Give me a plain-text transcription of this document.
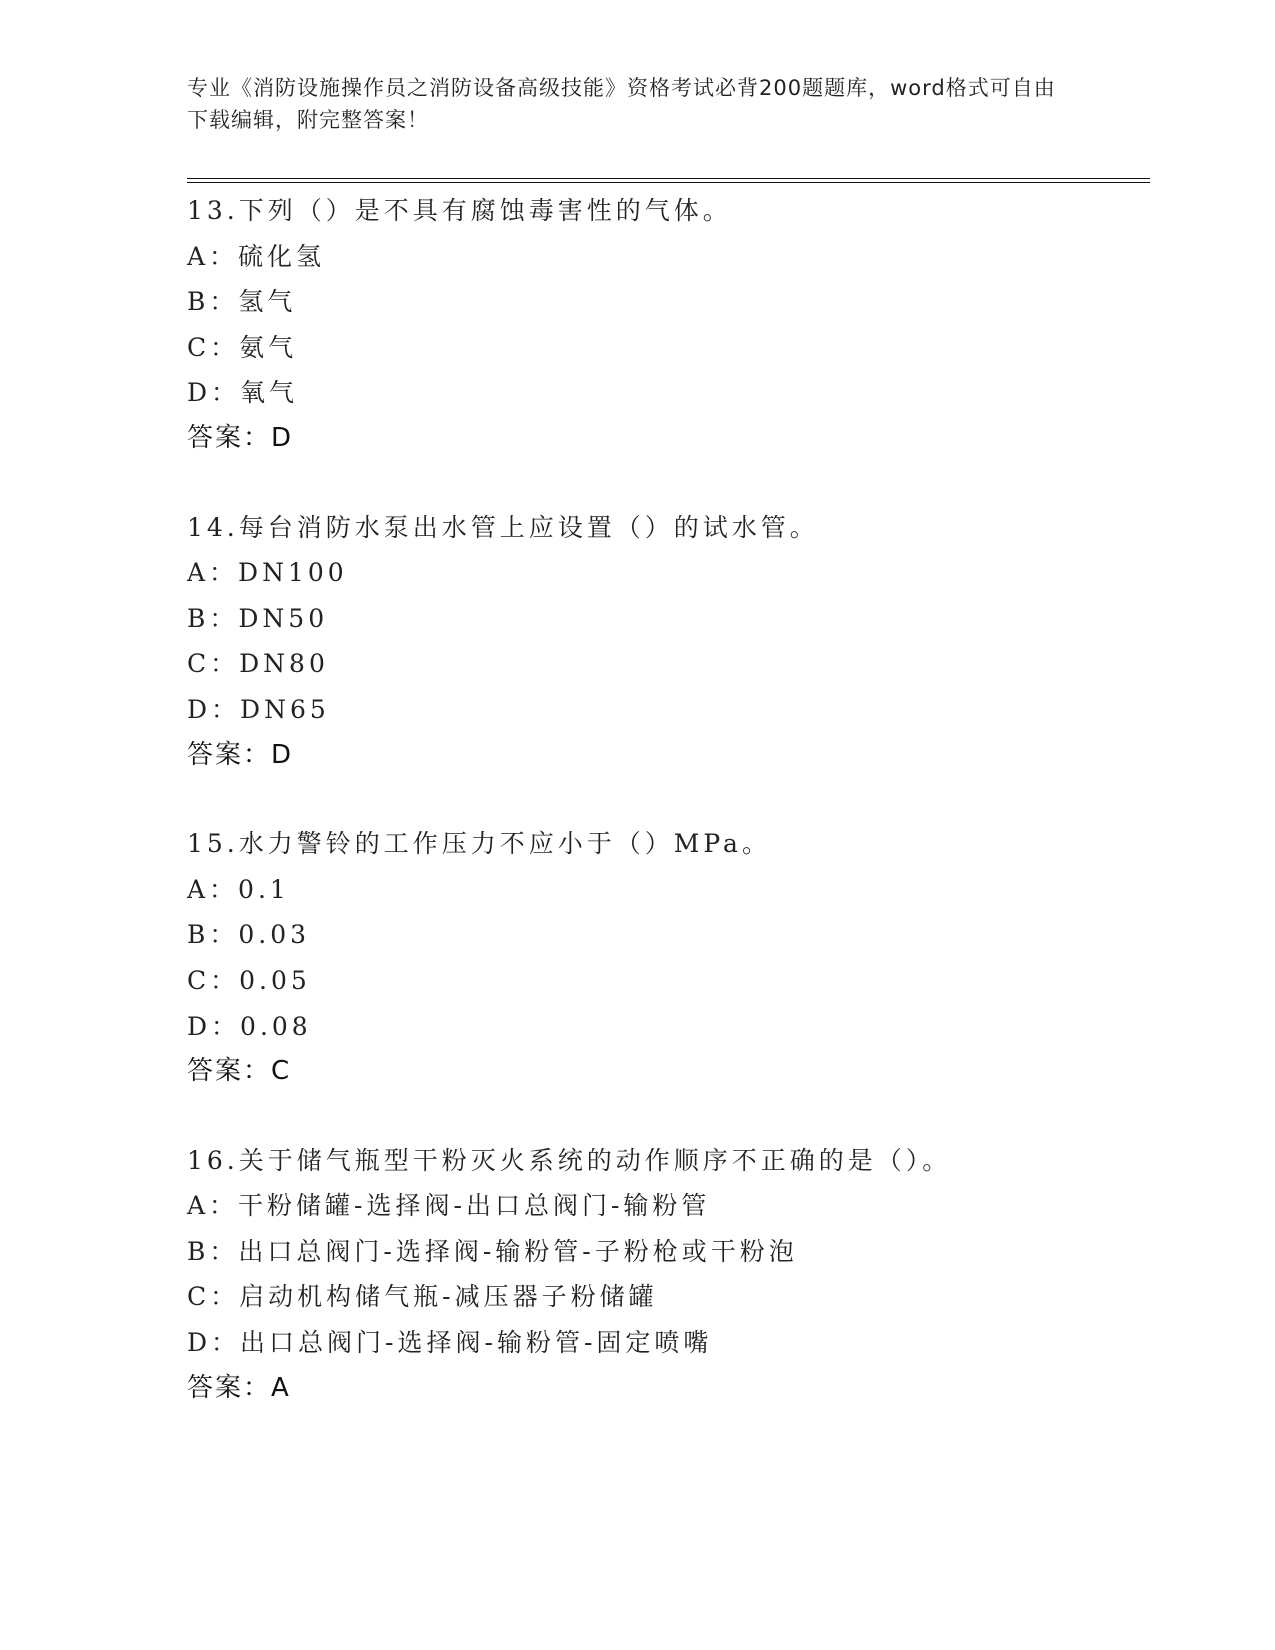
专业《消防设施操作员之消防设备高级技能》资格考试必背200题题库，word格式可自由下载编辑，附完整答案！
13.下列（）是不具有腐蚀毒害性的气体。
A：硫化氢
B：氢气
C：氨气
D：氧气
答案：D
14.每台消防水泵出水管上应设置（）的试水管。
A：DN100
B：DN50
C：DN80
D：DN65
答案：D
15.水力警铃的工作压力不应小于（）MPa。
A：0.1
B：0.03
C：0.05
D：0.08
答案：C
16.关于储气瓶型干粉灭火系统的动作顺序不正确的是（）。
A：干粉储罐-选择阀-出口总阀门-输粉管
B：出口总阀门-选择阀-输粉管-子粉枪或干粉泡
C：启动机构储气瓶-减压器子粉储罐
D：出口总阀门-选择阀-输粉管-固定喷嘴
答案：A
